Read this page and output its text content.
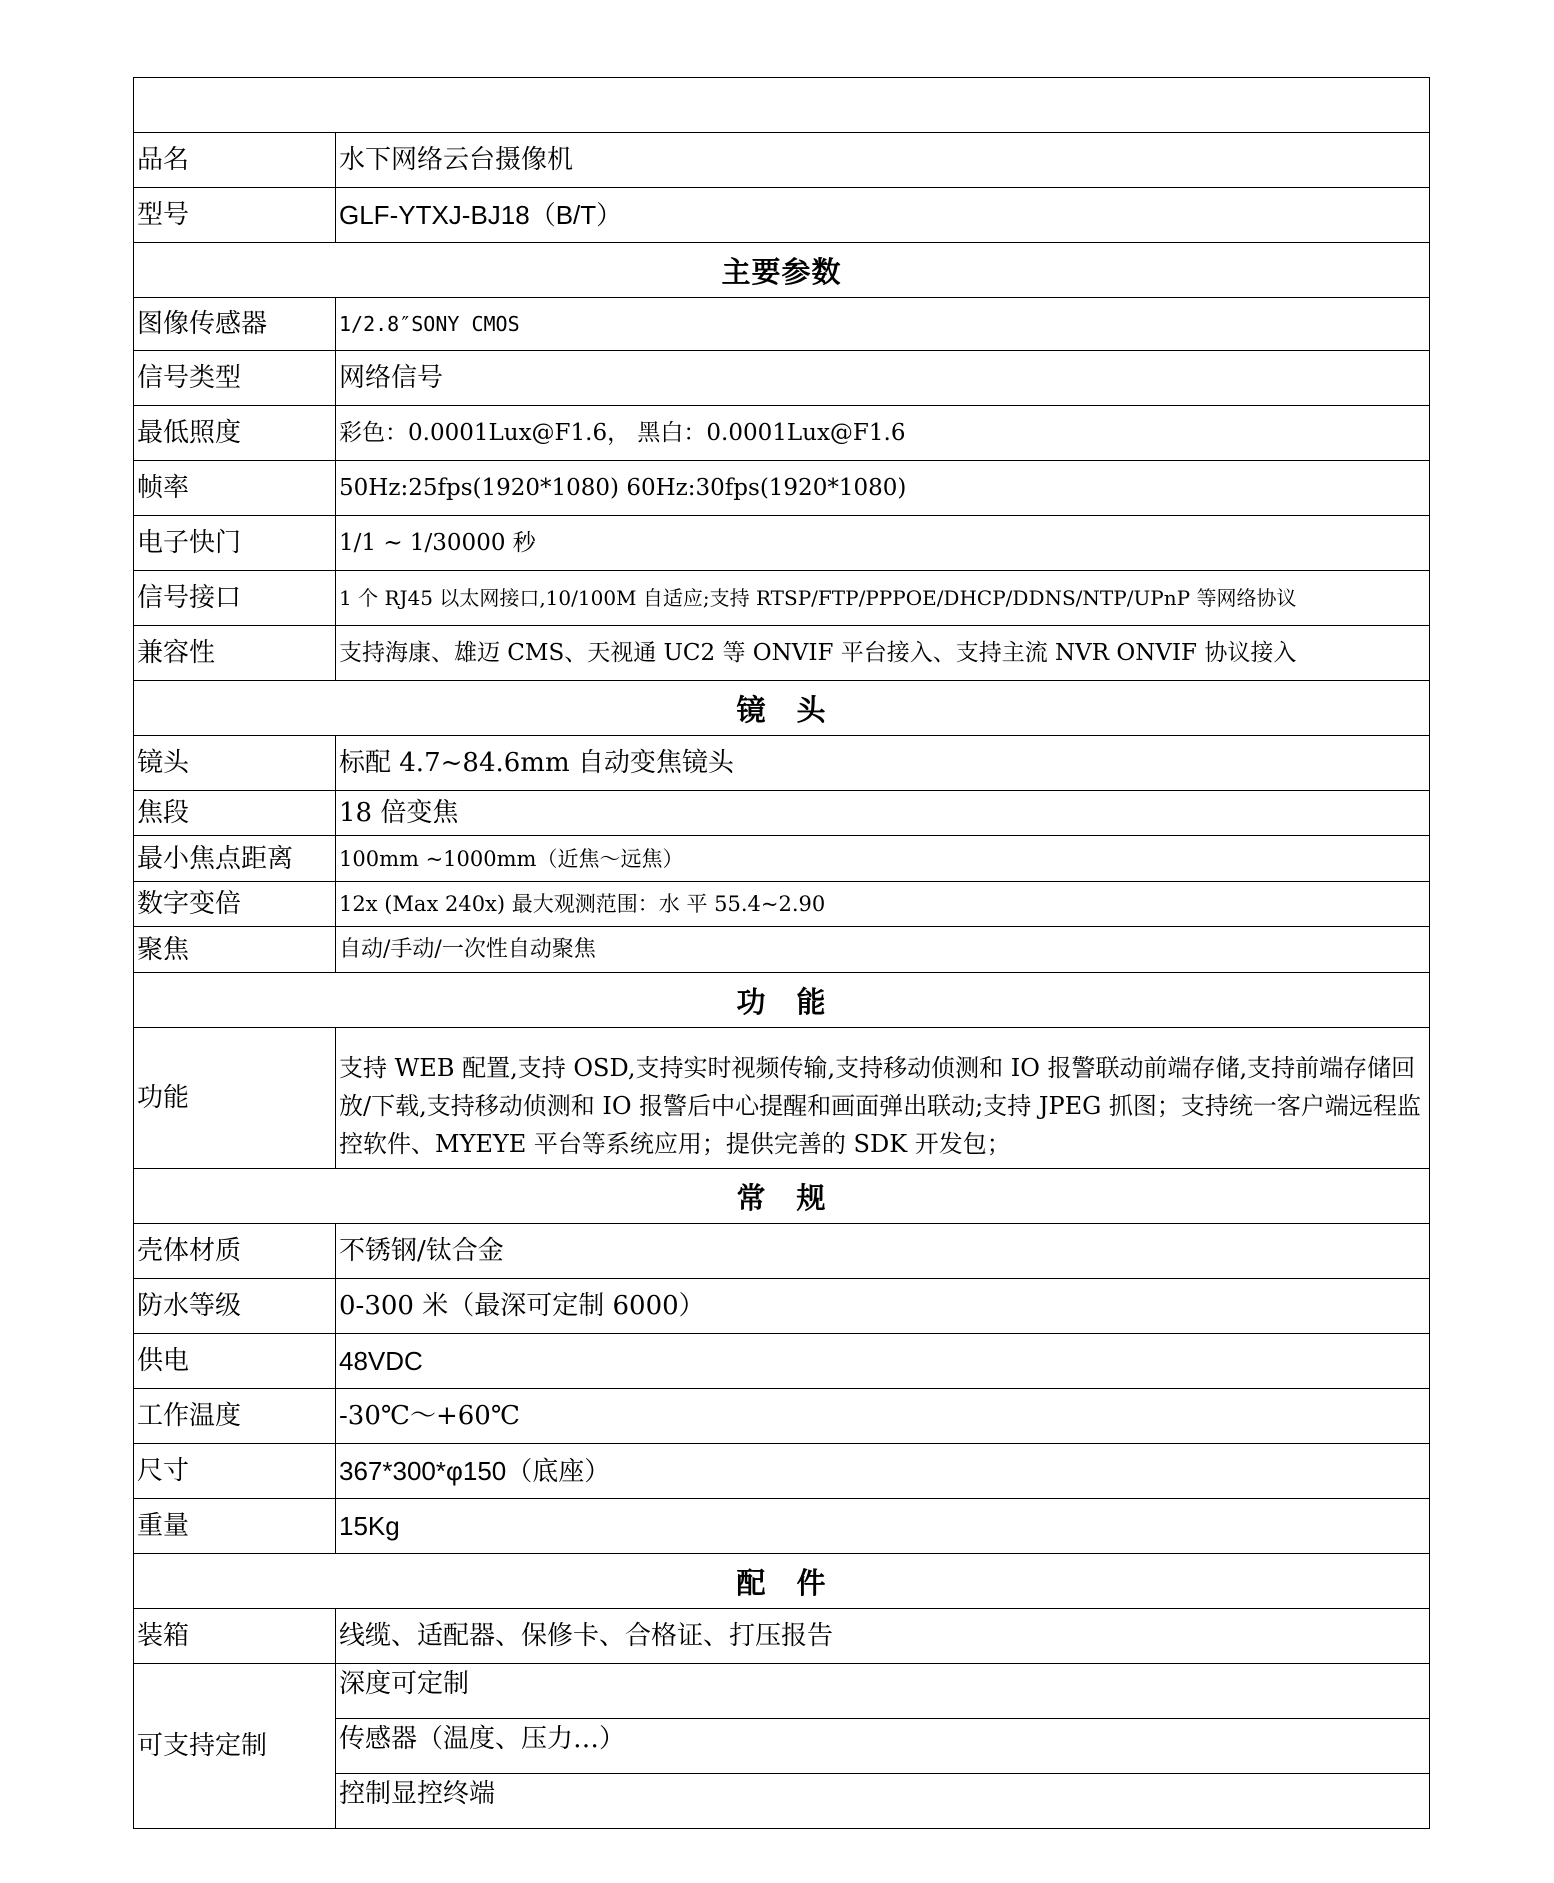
品名	水下网络云台摄像机
型号	GLF-YTXJ-BJ18（B/T）
主要参数	
图像传感器	1/2.8″SONY CMOS
信号类型	网络信号
最低照度	彩色：0.0001Lux@F1.6， 黑白：0.0001Lux@F1.6
帧率	50Hz:25fps(1920*1080) 60Hz:30fps(1920*1080)
电子快门	1/1 ~ 1/30000 秒
信号接口	1 个 RJ45 以太网接口,10/100M 自适应;支持 RTSP/FTP/PPPOE/DHCP/DDNS/NTP/UPnP 等网络协议
兼容性	支持海康、雄迈 CMS、天视通 UC2 等 ONVIF 平台接入、支持主流 NVR ONVIF 协议接入
镜　头	
镜头	标配 4.7~84.6mm 自动变焦镜头
焦段	18 倍变焦
最小焦点距离	100mm ~1000mm（近焦～远焦）
数字变倍	12x (Max 240x) 最大观测范围：水 平 55.4~2.90
聚焦	自动/手动/一次性自动聚焦
功　能	
功能	支持 WEB 配置,支持 OSD,支持实时视频传输,支持移动侦测和 IO 报警联动前端存储,支持前端存储回放/下载,支持移动侦测和 IO 报警后中心提醒和画面弹出联动;支持 JPEG 抓图；支持统一客户端远程监控软件、MYEYE 平台等系统应用；提供完善的 SDK 开发包；
常　规	
壳体材质	不锈钢/钛合金
防水等级	0-300 米（最深可定制 6000）
供电	48VDC
工作温度	-30℃～+60℃
尺寸	367*300*φ150（底座）
重量	15Kg
配　件	
装箱	线缆、适配器、保修卡、合格证、打压报告
可支持定制	深度可定制
	传感器（温度、压力…）
	控制显控终端
